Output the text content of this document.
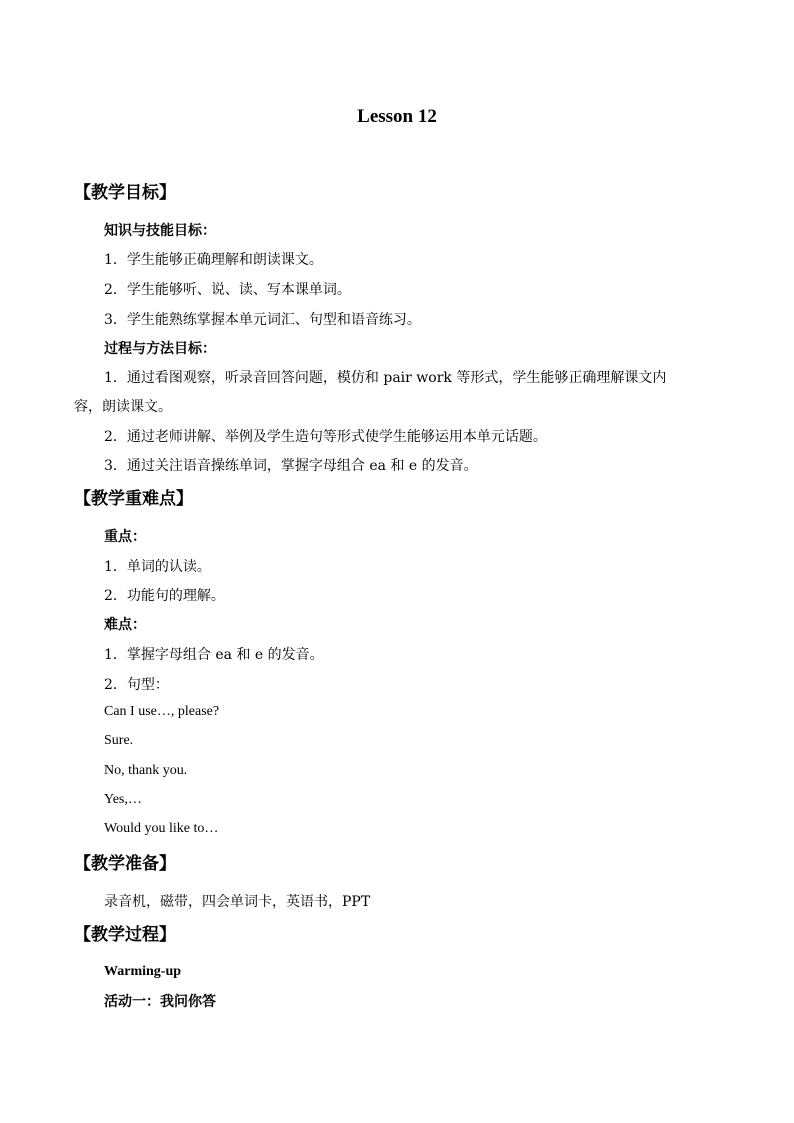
Lesson 12
【教学目标】
知识与技能目标：
1．学生能够正确理解和朗读课文。
2．学生能够听、说、读、写本课单词。
3．学生能熟练掌握本单元词汇、句型和语音练习。
过程与方法目标：
1．通过看图观察，听录音回答问题，模仿和 pair work 等形式，学生能够正确理解课文内
容，朗读课文。
2．通过老师讲解、举例及学生造句等形式使学生能够运用本单元话题。
3．通过关注语音操练单词，掌握字母组合 ea 和 e 的发音。
【教学重难点】
重点：
1．单词的认读。
2．功能句的理解。
难点：
1．掌握字母组合 ea 和 e 的发音。
2．句型：
Can I use…, please?
Sure.
No, thank you.
Yes,…
Would you like to…
【教学准备】
录音机，磁带，四会单词卡，英语书，PPT
【教学过程】
Warming-up
活动一：我问你答
